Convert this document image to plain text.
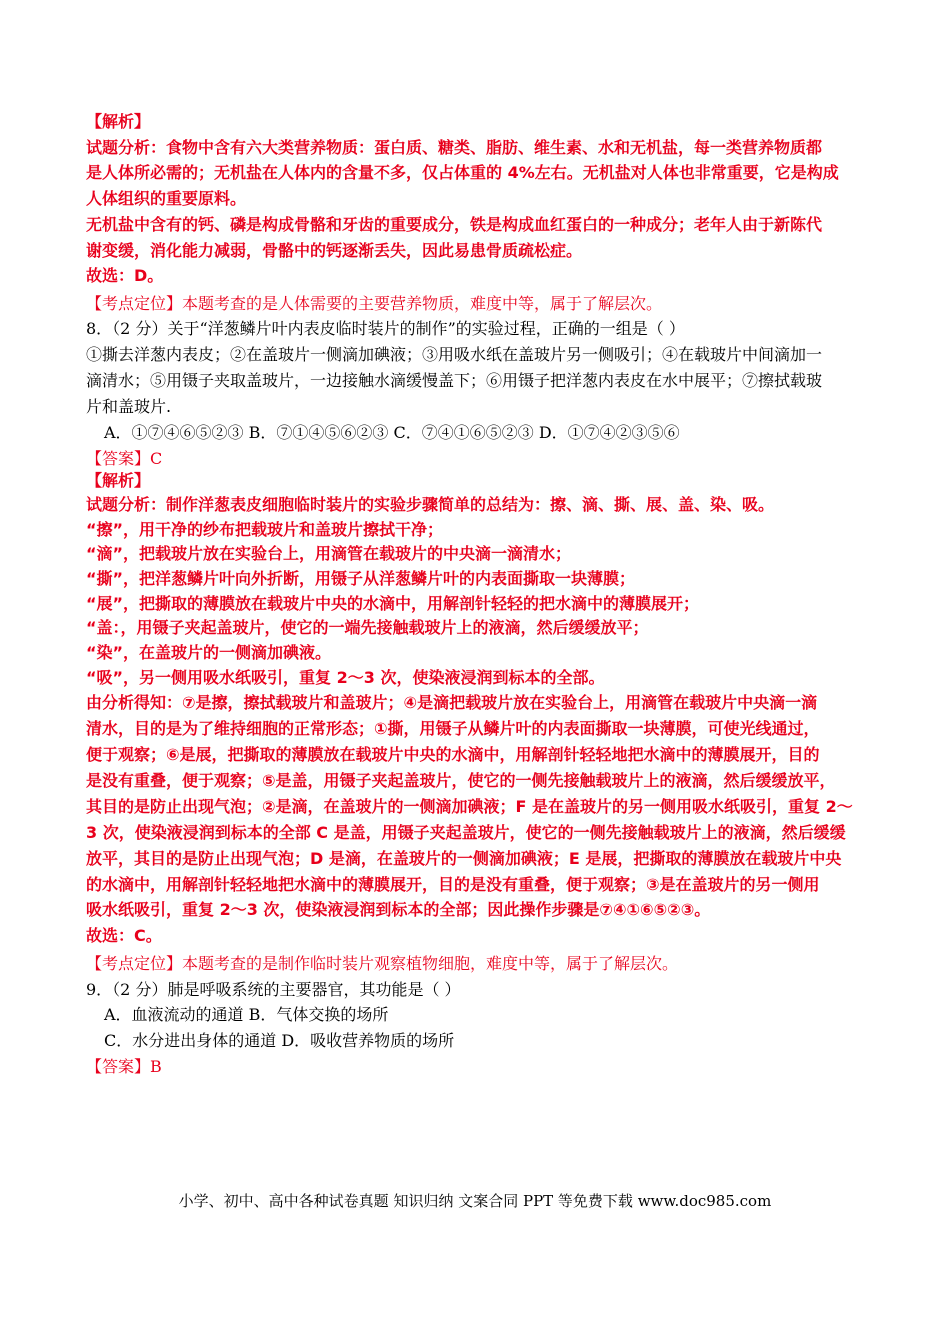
【解析】
试题分析：食物中含有六大类营养物质：蛋白质、糖类、脂肪、维生素、水和无机盐，每一类营养物质都
是人体所必需的；无机盐在人体内的含量不多，仅占体重的 4%左右。无机盐对人体也非常重要，它是构成
人体组织的重要原料。
无机盐中含有的钙、磷是构成骨骼和牙齿的重要成分，铁是构成血红蛋白的一种成分；老年人由于新陈代
谢变缓，消化能力减弱，骨骼中的钙逐渐丢失，因此易患骨质疏松症。
故选：D。
【考点定位】本题考查的是人体需要的主要营养物质，难度中等，属于了解层次。
8．（2 分）关于“洋葱鳞片叶内表皮临时装片的制作”的实验过程，正确的一组是（ ）
①撕去洋葱内表皮；②在盖玻片一侧滴加碘液；③用吸水纸在盖玻片另一侧吸引；④在载玻片中间滴加一
滴清水；⑤用镊子夹取盖玻片，一边接触水滴缓慢盖下；⑥用镊子把洋葱内表皮在水中展平；⑦擦拭载玻
片和盖玻片.
A．①⑦④⑥⑤②③ B．⑦①④⑤⑥②③ C．⑦④①⑥⑤②③ D．①⑦④②③⑤⑥
【答案】C
【解析】
试题分析：制作洋葱表皮细胞临时装片的实验步骤简单的总结为：擦、滴、撕、展、盖、染、吸。
“擦”，用干净的纱布把载玻片和盖玻片擦拭干净；
“滴”，把载玻片放在实验台上，用滴管在载玻片的中央滴一滴清水；
“撕”，把洋葱鳞片叶向外折断，用镊子从洋葱鳞片叶的内表面撕取一块薄膜；
“展”，把撕取的薄膜放在载玻片中央的水滴中，用解剖针轻轻的把水滴中的薄膜展开；
“盖：，用镊子夹起盖玻片，使它的一端先接触载玻片上的液滴，然后缓缓放平；
“染”，在盖玻片的一侧滴加碘液。
“吸”，另一侧用吸水纸吸引，重复 2～3 次，使染液浸润到标本的全部。
由分析得知：⑦是擦，擦拭载玻片和盖玻片；④是滴把载玻片放在实验台上，用滴管在载玻片中央滴一滴
清水，目的是为了维持细胞的正常形态；①撕，用镊子从鳞片叶的内表面撕取一块薄膜，可使光线通过，
便于观察；⑥是展，把撕取的薄膜放在载玻片中央的水滴中，用解剖针轻轻地把水滴中的薄膜展开，目的
是没有重叠，便于观察；⑤是盖，用镊子夹起盖玻片，使它的一侧先接触载玻片上的液滴，然后缓缓放平，
其目的是防止出现气泡；②是滴，在盖玻片的一侧滴加碘液；F 是在盖玻片的另一侧用吸水纸吸引，重复 2～
3 次，使染液浸润到标本的全部 C 是盖，用镊子夹起盖玻片，使它的一侧先接触载玻片上的液滴，然后缓缓
放平，其目的是防止出现气泡；D 是滴，在盖玻片的一侧滴加碘液；E 是展，把撕取的薄膜放在载玻片中央
的水滴中，用解剖针轻轻地把水滴中的薄膜展开，目的是没有重叠，便于观察；③是在盖玻片的另一侧用
吸水纸吸引，重复 2～3 次，使染液浸润到标本的全部；因此操作步骤是⑦④①⑥⑤②③。
故选：C。
【考点定位】本题考查的是制作临时装片观察植物细胞，难度中等，属于了解层次。
9．（2 分）肺是呼吸系统的主要器官，其功能是（ ）
A．血液流动的通道 B．气体交换的场所
C．水分进出身体的通道 D．吸收营养物质的场所
【答案】B
小学、初中、高中各种试卷真题 知识归纳 文案合同 PPT 等免费下载 www.doc985.com
